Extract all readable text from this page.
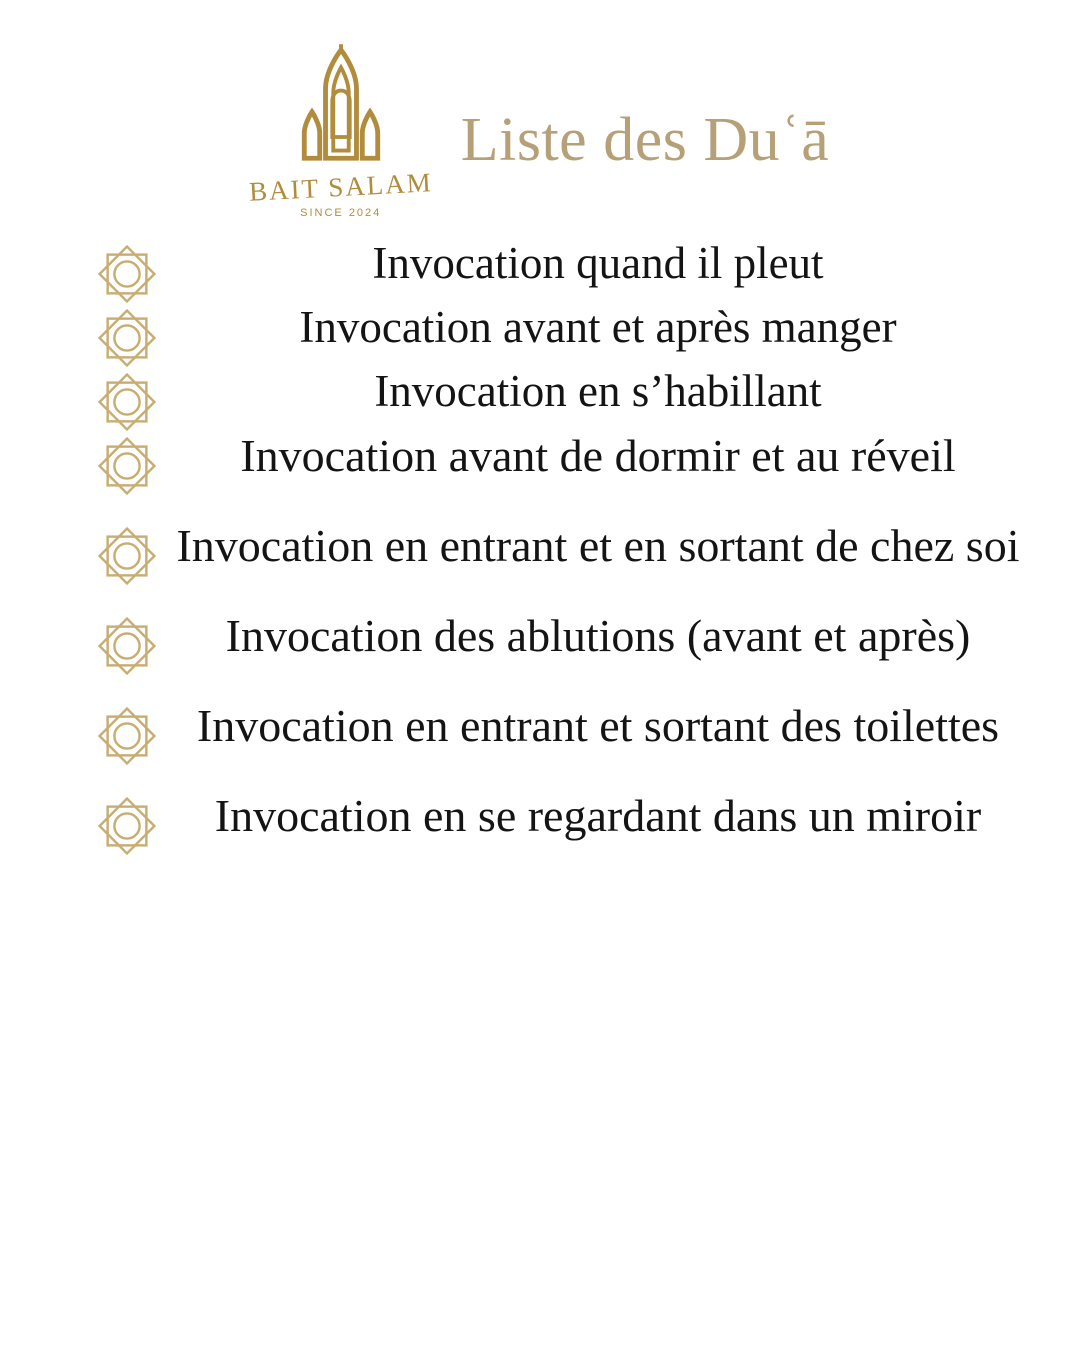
BAIT SALAM
SINCE 2024
Liste des Duʿā
Invocation quand il pleut
Invocation avant et après manger
Invocation en s’habillant
Invocation avant de dormir et au réveil
Invocation en entrant et en sortant de chez soi
Invocation des ablutions (avant et après)
Invocation en entrant et sortant des toilettes
Invocation en se regardant dans un miroir
